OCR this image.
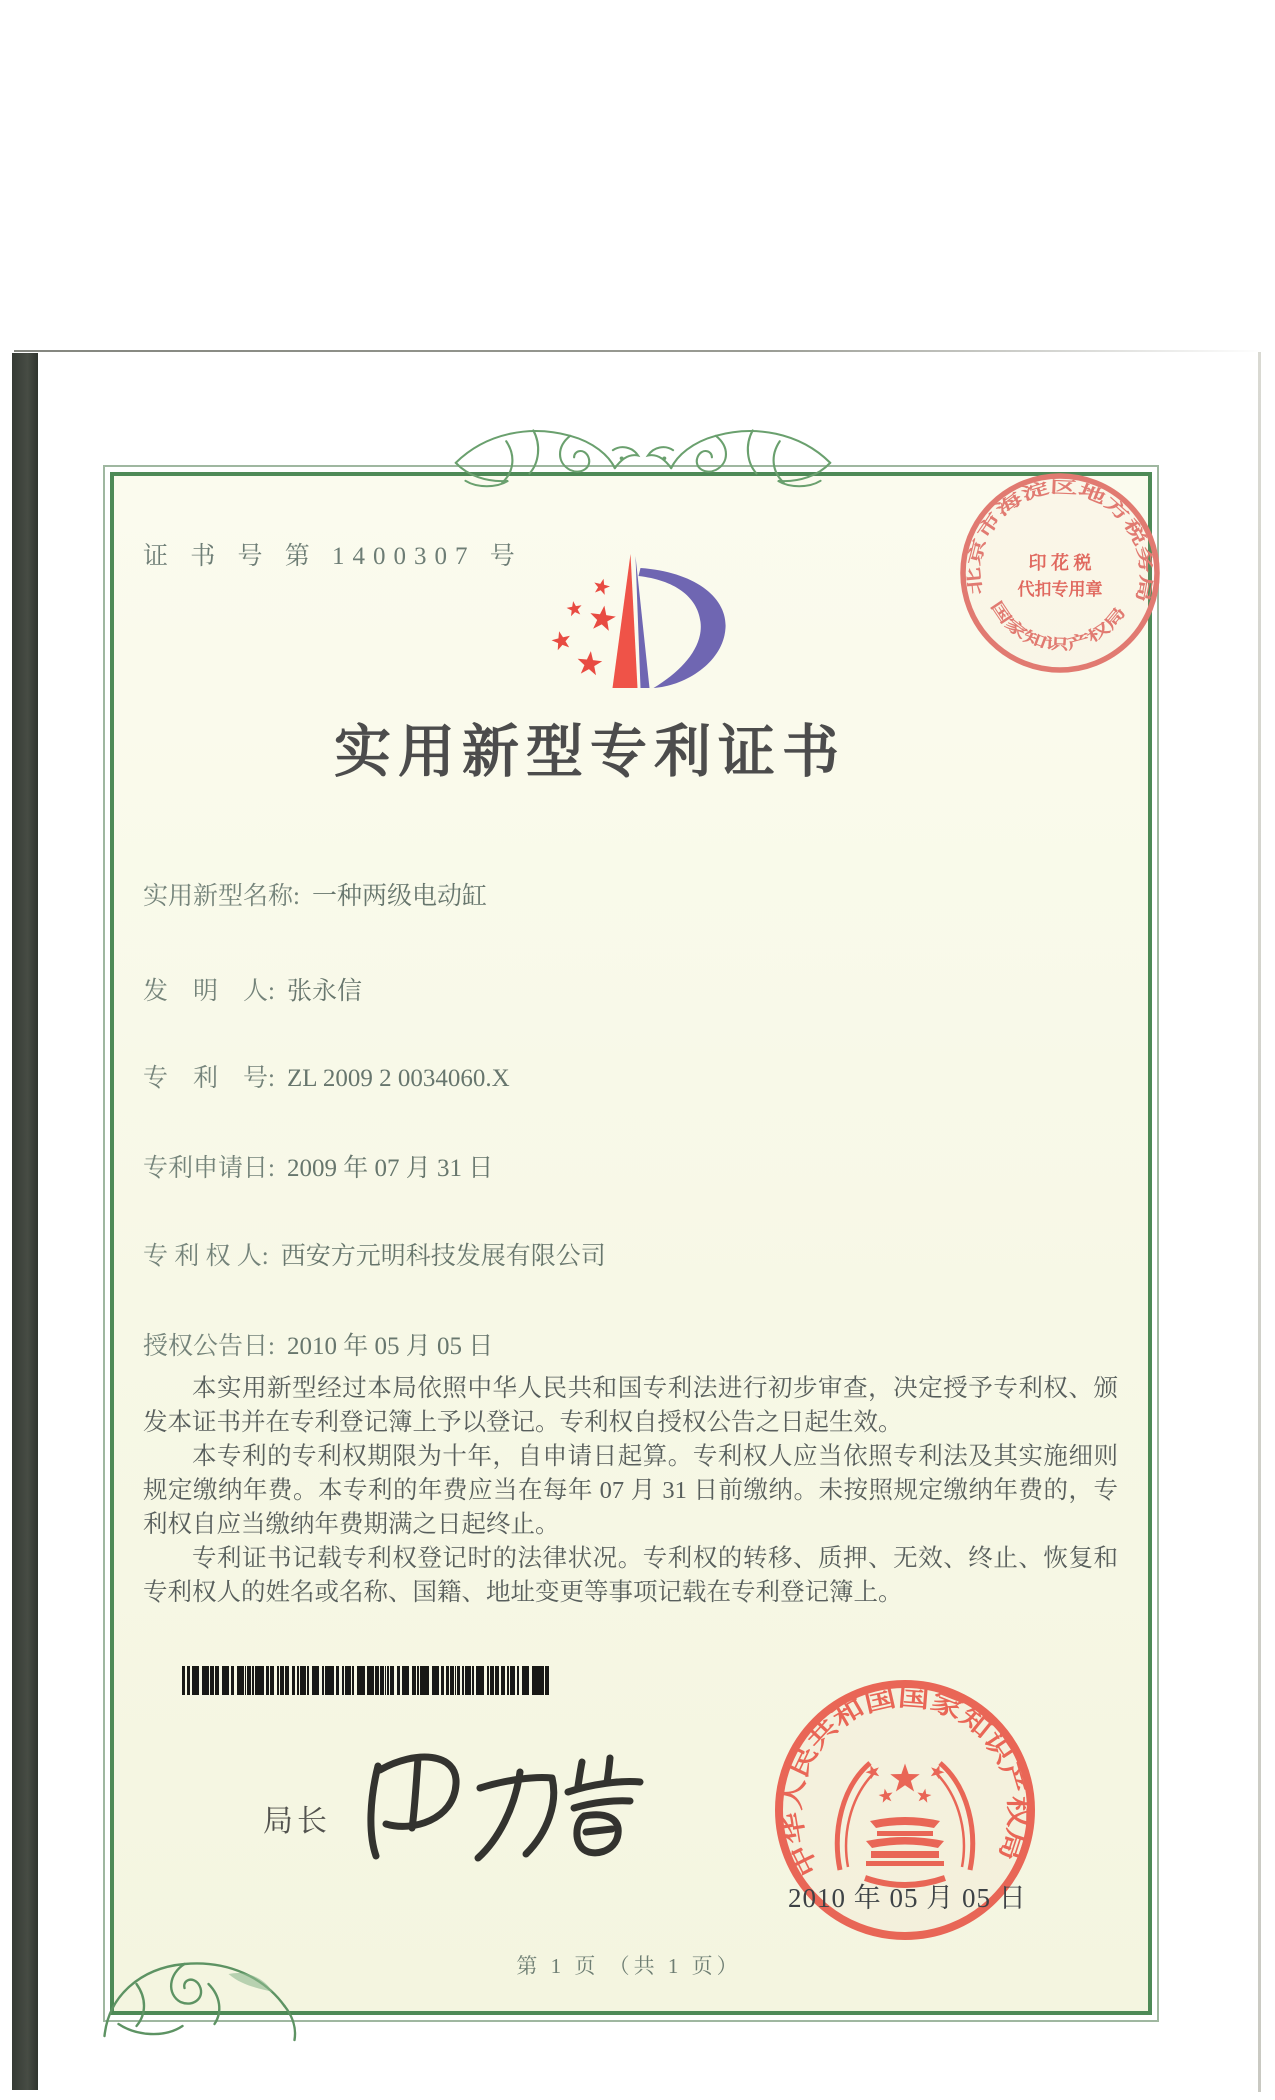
证 书 号 第 1400307 号
实用新型专利证书
北京市海淀区地方税务局
国家知识产权局
印 花 税
代扣专用章
实用新型名称: 一种两级电动缸
发　明　人: 张永信
专　利　号: ZL 2009 2 0034060.X
专利申请日: 2009 年 07 月 31 日
专 利 权 人: 西安方元明科技发展有限公司
授权公告日: 2010 年 05 月 05 日

本实用新型经过本局依照中华人民共和国专利法进行初步审查，决定授予专利权、颁发本证书并在专利登记簿上予以登记。专利权自授权公告之日起生效。

本专利的专利权期限为十年，自申请日起算。专利权人应当依照专利法及其实施细则规定缴纳年费。本专利的年费应当在每年 07 月 31 日前缴纳。未按照规定缴纳年费的，专利权自应当缴纳年费期满之日起终止。

专利证书记载专利权登记时的法律状况。专利权的转移、质押、无效、终止、恢复和专利权人的姓名或名称、国籍、地址变更等事项记载在专利登记簿上。

局长
中华人民共和国国家知识产权局
2010 年 05 月 05 日
第 1 页 （共 1 页）
